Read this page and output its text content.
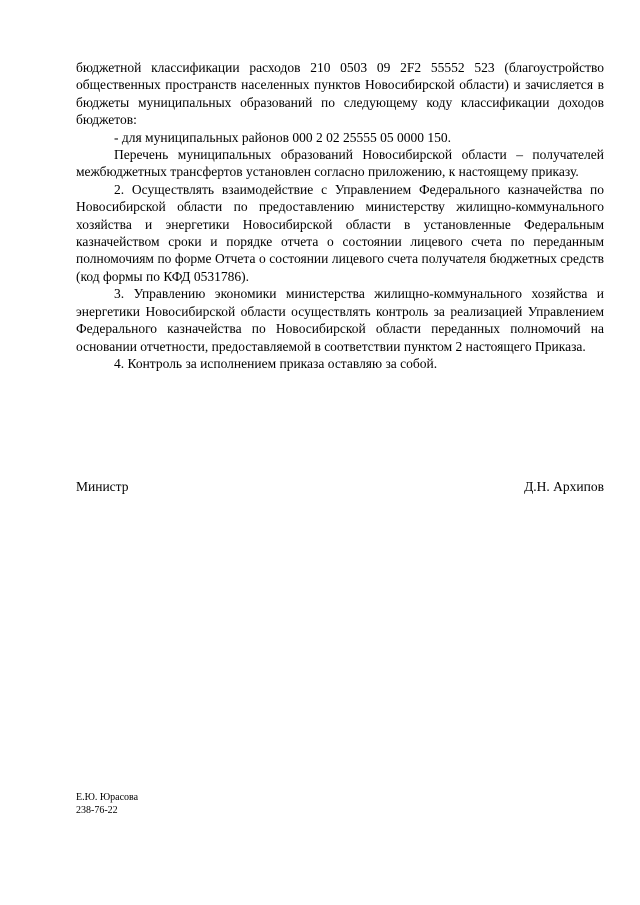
бюджетной классификации расходов 210 0503 09 2F2 55552 523 (благоустройство общественных пространств населенных пунктов Новосибирской области) и зачисляется в бюджеты муниципальных образований по следующему коду классификации доходов бюджетов:

- для муниципальных районов 000 2 02 25555 05 0000 150.

Перечень муниципальных образований Новосибирской области – получателей межбюджетных трансфертов установлен согласно приложению, к настоящему приказу.

2. Осуществлять взаимодействие с Управлением Федерального казначейства по Новосибирской области по предоставлению министерству жилищно-коммунального хозяйства и энергетики Новосибирской области в установленные Федеральным казначейством сроки и порядке отчета о состоянии лицевого счета по переданным полномочиям по форме Отчета о состоянии лицевого счета получателя бюджетных средств (код формы по КФД 0531786).

3. Управлению экономики министерства жилищно-коммунального хозяйства и энергетики Новосибирской области осуществлять контроль за реализацией Управлением Федерального казначейства по Новосибирской области переданных полномочий на основании отчетности, предоставляемой в соответствии пунктом 2 настоящего Приказа.

4. Контроль за исполнением приказа оставляю за собой.

Министр	Д.Н. Архипов
Е.Ю. Юрасова
238-76-22
